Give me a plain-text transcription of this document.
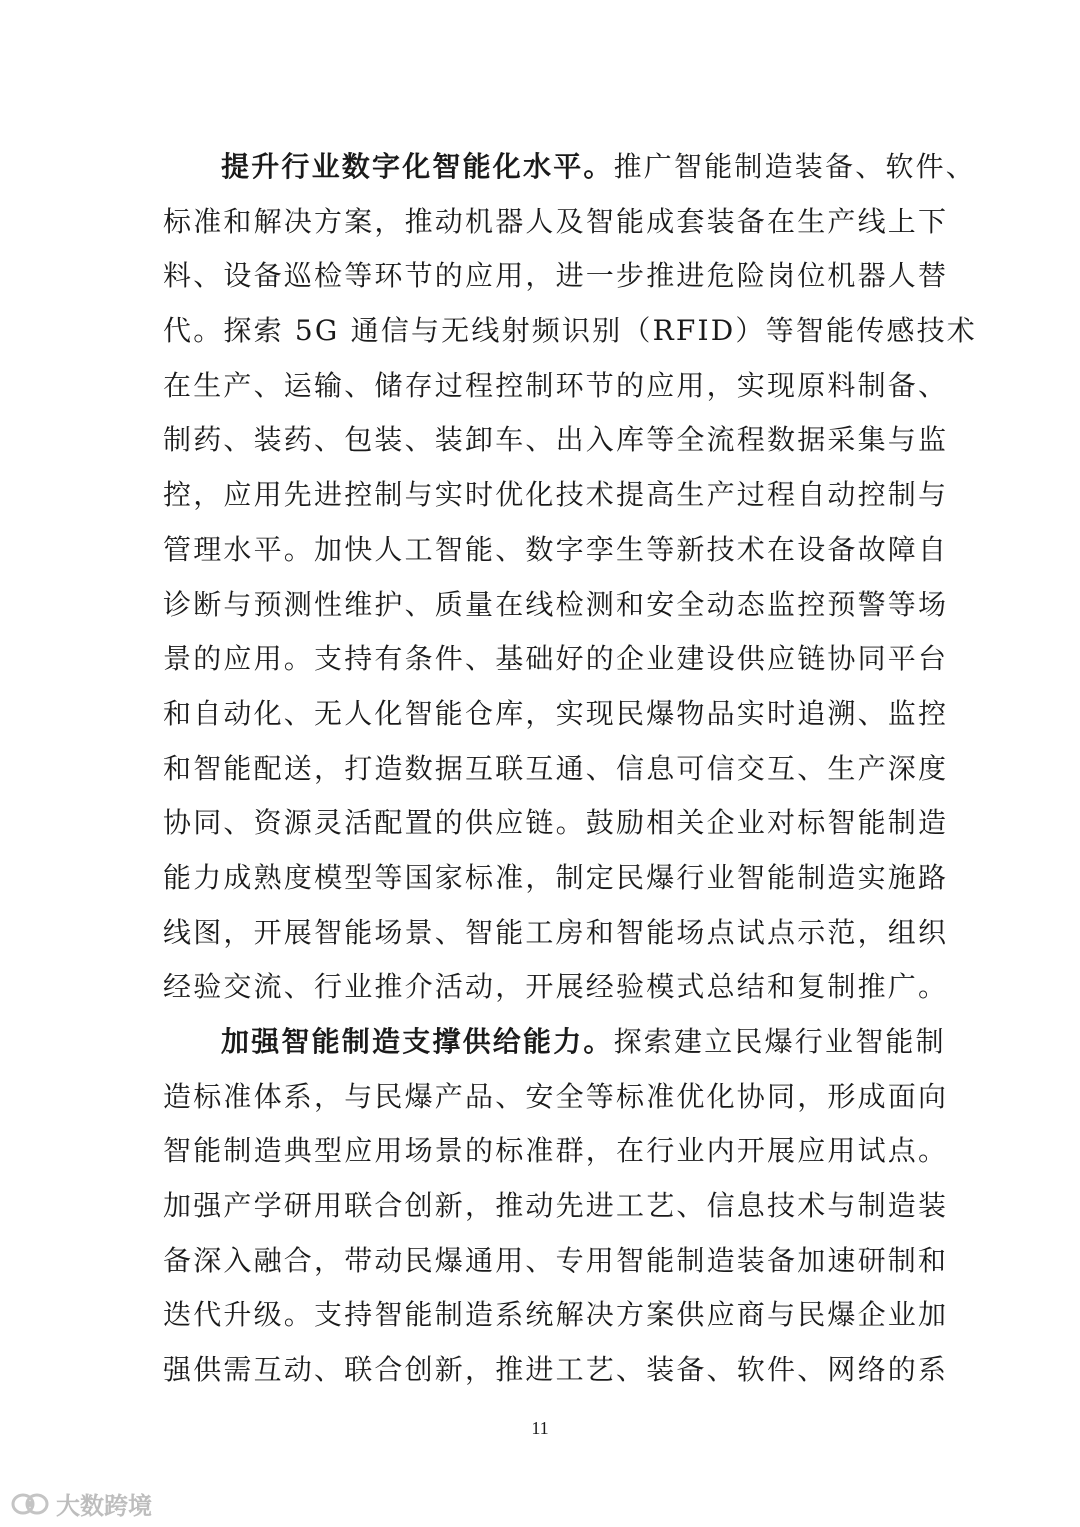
提升行业数字化智能化水平。推广智能制造装备、软件、
标准和解决方案，推动机器人及智能成套装备在生产线上下
料、设备巡检等环节的应用，进一步推进危险岗位机器人替
代。探索 5G 通信与无线射频识别（RFID）等智能传感技术
在生产、运输、储存过程控制环节的应用，实现原料制备、
制药、装药、包装、装卸车、出入库等全流程数据采集与监
控，应用先进控制与实时优化技术提高生产过程自动控制与
管理水平。加快人工智能、数字孪生等新技术在设备故障自
诊断与预测性维护、质量在线检测和安全动态监控预警等场
景的应用。支持有条件、基础好的企业建设供应链协同平台
和自动化、无人化智能仓库，实现民爆物品实时追溯、监控
和智能配送，打造数据互联互通、信息可信交互、生产深度
协同、资源灵活配置的供应链。鼓励相关企业对标智能制造
能力成熟度模型等国家标准，制定民爆行业智能制造实施路
线图，开展智能场景、智能工房和智能场点试点示范，组织
经验交流、行业推介活动，开展经验模式总结和复制推广。
加强智能制造支撑供给能力。探索建立民爆行业智能制
造标准体系，与民爆产品、安全等标准优化协同，形成面向
智能制造典型应用场景的标准群，在行业内开展应用试点。
加强产学研用联合创新，推动先进工艺、信息技术与制造装
备深入融合，带动民爆通用、专用智能制造装备加速研制和
迭代升级。支持智能制造系统解决方案供应商与民爆企业加
强供需互动、联合创新，推进工艺、装备、软件、网络的系
11
大数跨境
